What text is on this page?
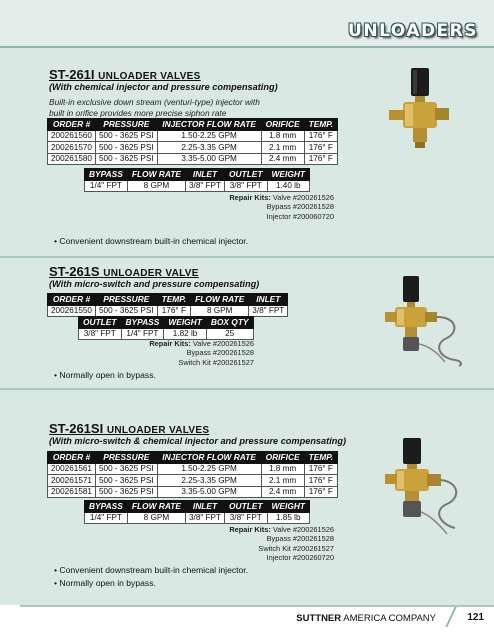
UNLOADERS
ST-261I UNLOADER VALVES
(With chemical injector and pressure compensating)
Built-in exclusive down stream (venturi-type) injector with
built in orifice provides more precise siphon rate
ORDER #	PRESSURE	INJECTOR FLOW RATE	ORIFICE	TEMP.
200261560	500 - 3625 PSI	1.50-2.25 GPM	1.8 mm	176° F
200261570	500 - 3625 PSI	2.25-3.35 GPM	2.1 mm	176° F
200261580	500 - 3625 PSI	3.35-5.00 GPM	2.4 mm	176° F
BYPASS	FLOW RATE	INLET	OUTLET	WEIGHT
1/4" FPT	8 GPM	3/8" FPT	3/8" FPT	1.40 lb
Repair Kits: Valve #200261526
Bypass #200261528
Injector #200060720
• Convenient downstream built-in chemical injector.
ST-261S UNLOADER VALVE
(With micro-switch and pressure compensating)
ORDER #	PRESSURE	TEMP.	FLOW RATE	INLET
200261550	500 - 3625 PSI	176° F	8 GPM	3/8" FPT
OUTLET	BYPASS	WEIGHT	BOX QTY
3/8" FPT	1/4" FPT	1.82 lb	25
Repair Kits: Valve #200261526
Bypass #200261528
Switch Kit #200261527
• Normally open in bypass.
ST-261SI UNLOADER VALVES
(With micro-switch & chemical injector and pressure compensating)
ORDER #	PRESSURE	INJECTOR FLOW RATE	ORIFICE	TEMP.
200261561	500 - 3625 PSI	1.50-2.25 GPM	1.8 mm	176° F
200261571	500 - 3625 PSI	2.25-3.35 GPM	2.1 mm	176° F
200261581	500 - 3625 PSI	3.35-5.00 GPM	2.4 mm	176° F
BYPASS	FLOW RATE	INLET	OUTLET	WEIGHT
1/4" FPT	8 GPM	3/8" FPT	3/8" FPT	1.85 lb
Repair Kits: Valve #200261526
Bypass #200261528
Switch Kit #200261527
Injector #200260720
• Convenient downstream built-in chemical injector.
• Normally open in bypass.
SUTTNER AMERICA COMPANY	121
